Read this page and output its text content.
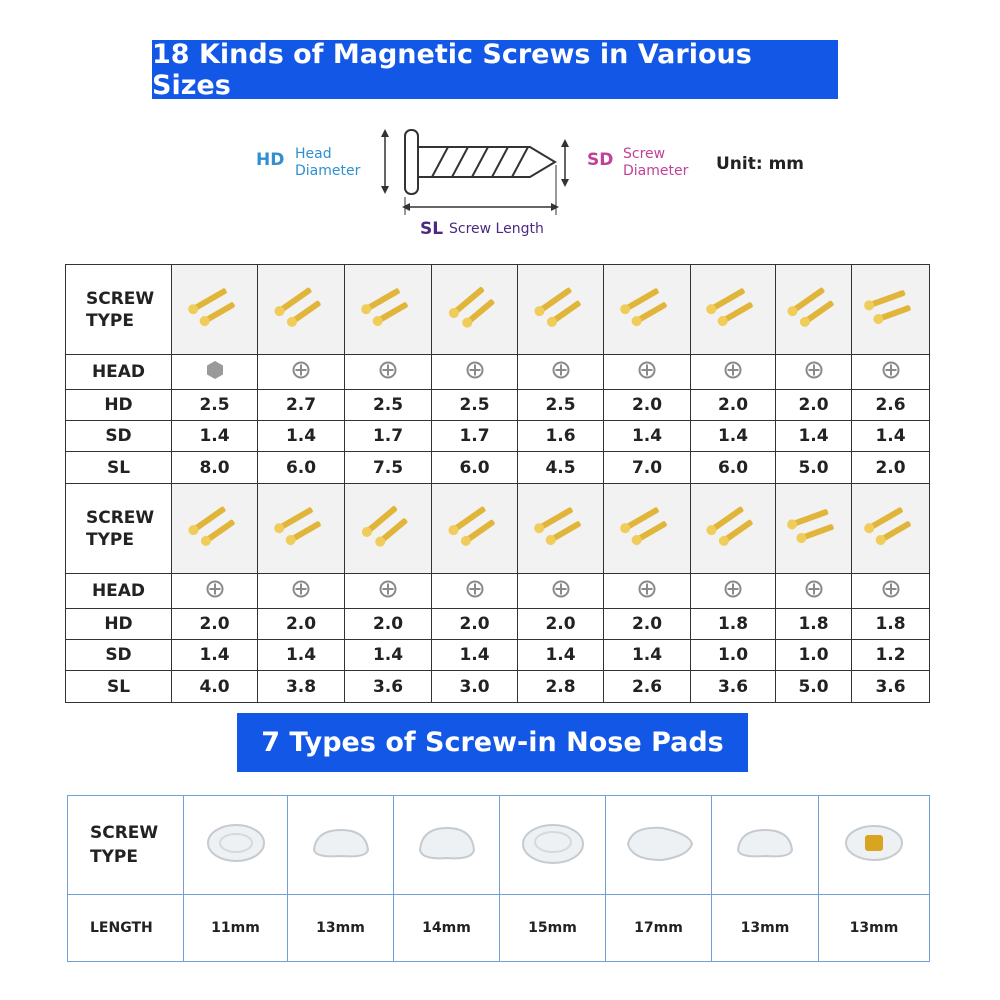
18 Kinds of Magnetic Screws in Various Sizes
HD Head
Diameter
SD Screw
Diameter Unit: mm
SL Screw Length
SCREW
TYPE

HEAD									
HD	2.5	2.7	2.5	2.5	2.5	2.0	2.0	2.0	2.6
SD	1.4	1.4	1.7	1.7	1.6	1.4	1.4	1.4	1.4
SL	8.0	6.0	7.5	6.0	4.5	7.0	6.0	5.0	2.0

SCREW
TYPE

HEAD									
HD	2.0	2.0	2.0	2.0	2.0	2.0	1.8	1.8	1.8
SD	1.4	1.4	1.4	1.4	1.4	1.4	1.0	1.0	1.2
SL	4.0	3.8	3.6	3.0	2.8	2.6	3.6	5.0	3.6
7 Types of Screw-in Nose Pads
SCREW
TYPE

LENGTH	11mm	13mm	14mm	15mm	17mm	13mm	13mm
